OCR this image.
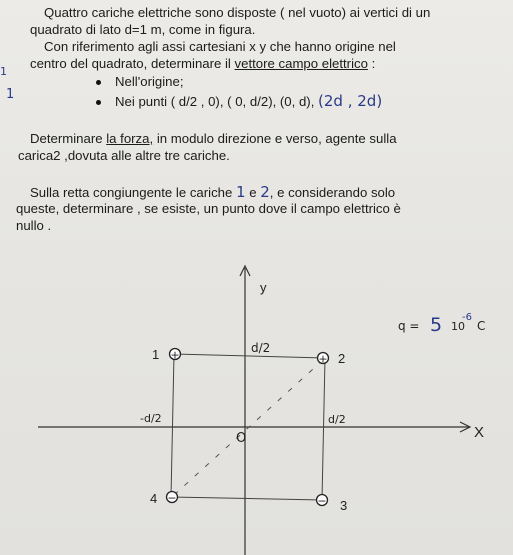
Quattro cariche elettriche sono disposte ( nel vuoto) ai vertici di un
quadrato di lato d=1 m, come in figura.
Con riferimento agli assi cartesiani x y che hanno origine nel
centro del quadrato, determinare il vettore campo elettrico :
1
Nell'origine;
1	Nei punti ( d/2 , 0), ( 0, d/2), (0, d), (2d , 2d)
Determinare la forza, in modulo direzione e verso, agente sulla
carica2 ,dovuta alle altre tre cariche.
Sulla retta congiungente le cariche 1 e 2, e considerando solo
queste, determinare , se esiste, un punto dove il campo elettrico è
nullo .
y
X
+	+
−
−
1	2
3
4
d/2
-d/2	d/2
O
q = 5 10
-6
C
